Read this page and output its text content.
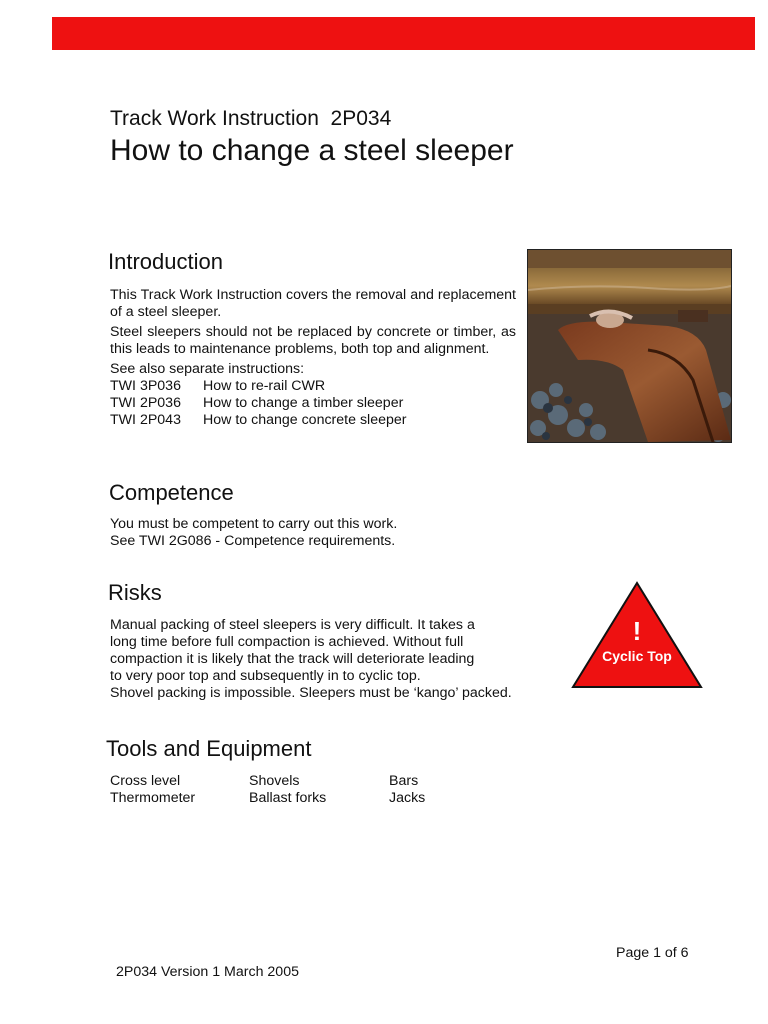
Track Work Instruction  2P034
How to change a steel sleeper
Introduction

This Track Work Instruction covers the removal and replacement of a steel sleeper.

Steel sleepers should not be replaced by concrete or timber, as this leads to maintenance problems, both top and alignment.

See also separate instructions:

TWI 3P036	How to re-rail CWR
TWI 2P036	How to change a timber sleeper
TWI 2P043	How to change concrete sleeper
Competence
You must be competent to carry out this work.
See TWI 2G086 - Competence requirements.
Risks
Manual packing of steel sleepers is very difficult. It takes a
long time before full compaction is achieved. Without full
compaction it is likely that the track will deteriorate leading
to very poor top and subsequently in to cyclic top.
Shovel packing is impossible. Sleepers must be ‘kango’ packed.
!
Cyclic Top
Tools and Equipment
Cross level	Shovels	Bars
Thermometer	Ballast forks	Jacks
Page 1 of 6
2P034 Version 1 March 2005
